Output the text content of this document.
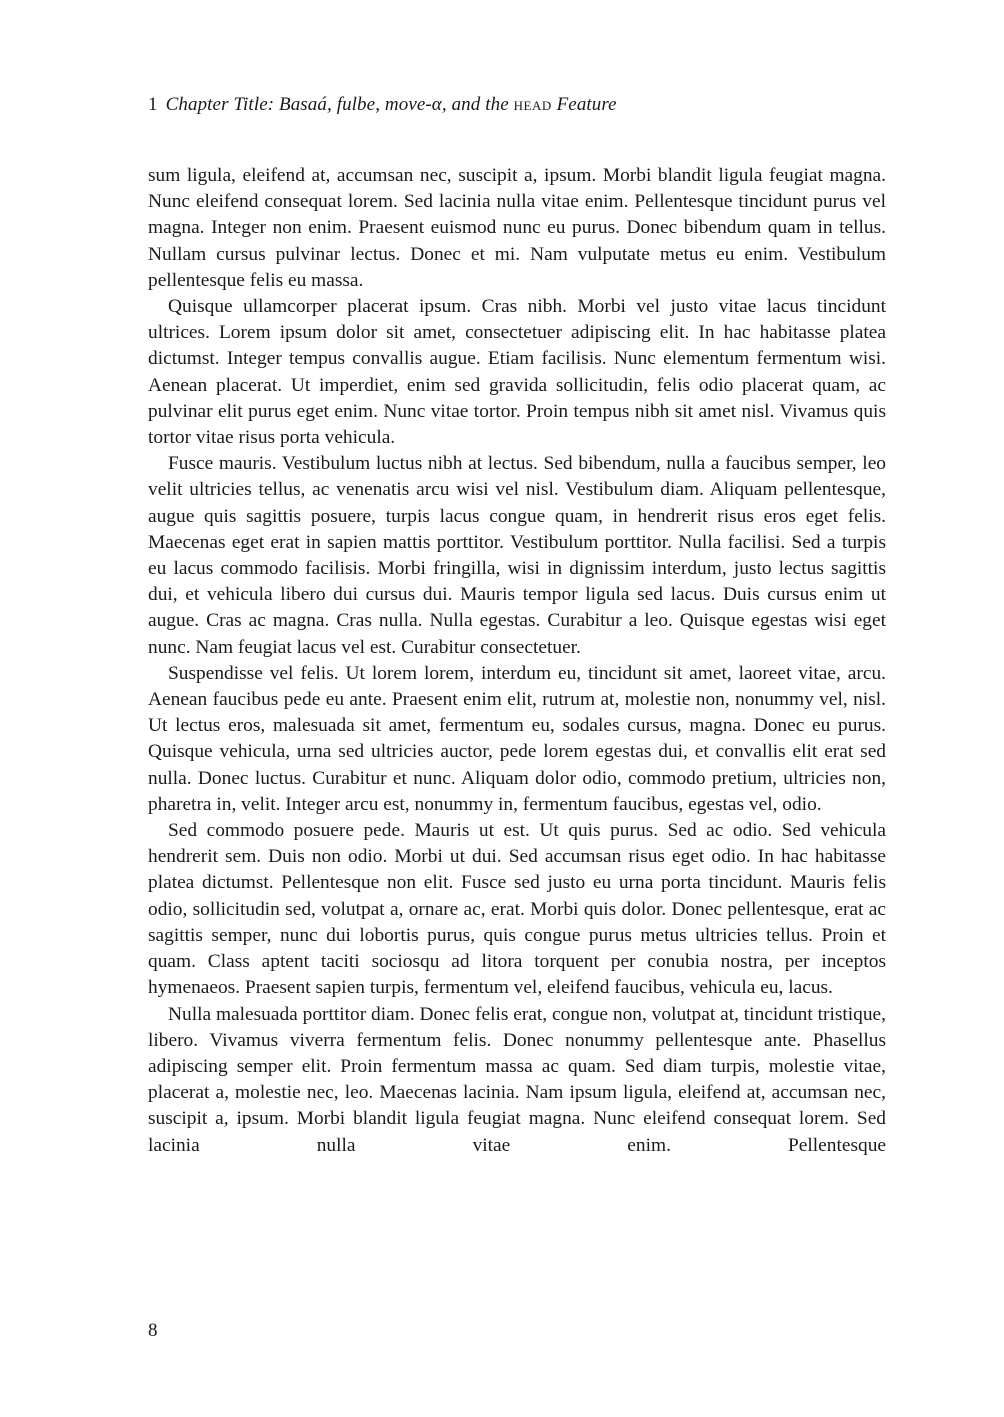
1 Chapter Title: Basaá, fulbe, move-α, and the head Feature

sum ligula, eleifend at, accumsan nec, suscipit a, ipsum. Morbi blandit ligula feugiat magna. Nunc eleifend consequat lorem. Sed lacinia nulla vitae enim. Pellentesque tincidunt purus vel magna. Integer non enim. Praesent euismod nunc eu purus. Donec bibendum quam in tellus. Nullam cursus pulvinar lectus. Donec et mi. Nam vulputate metus eu enim. Vestibulum pellentesque felis eu massa.

Quisque ullamcorper placerat ipsum. Cras nibh. Morbi vel justo vitae lacus tincidunt ultrices. Lorem ipsum dolor sit amet, consectetuer adipiscing elit. In hac habitasse platea dictumst. Integer tempus convallis augue. Etiam facilisis. Nunc elementum fermentum wisi. Aenean placerat. Ut imperdiet, enim sed gravida sollicitudin, felis odio placerat quam, ac pulvinar elit purus eget enim. Nunc vitae tortor. Proin tempus nibh sit amet nisl. Vivamus quis tortor vitae risus porta vehicula.

Fusce mauris. Vestibulum luctus nibh at lectus. Sed bibendum, nulla a faucibus semper, leo velit ultricies tellus, ac venenatis arcu wisi vel nisl. Vestibulum diam. Aliquam pellentesque, augue quis sagittis posuere, turpis lacus congue quam, in hendrerit risus eros eget felis. Maecenas eget erat in sapien mattis porttitor. Vestibulum porttitor. Nulla facilisi. Sed a turpis eu lacus commodo facilisis. Morbi fringilla, wisi in dignissim interdum, justo lectus sagittis dui, et vehicula libero dui cursus dui. Mauris tempor ligula sed lacus. Duis cursus enim ut augue. Cras ac magna. Cras nulla. Nulla egestas. Curabitur a leo. Quisque egestas wisi eget nunc. Nam feugiat lacus vel est. Curabitur consectetuer.

Suspendisse vel felis. Ut lorem lorem, interdum eu, tincidunt sit amet, laoreet vitae, arcu. Aenean faucibus pede eu ante. Praesent enim elit, rutrum at, molestie non, nonummy vel, nisl. Ut lectus eros, malesuada sit amet, fermentum eu, sodales cursus, magna. Donec eu purus. Quisque vehicula, urna sed ultricies auctor, pede lorem egestas dui, et convallis elit erat sed nulla. Donec luctus. Curabitur et nunc. Aliquam dolor odio, commodo pretium, ultricies non, pharetra in, velit. Integer arcu est, nonummy in, fermentum faucibus, egestas vel, odio.

Sed commodo posuere pede. Mauris ut est. Ut quis purus. Sed ac odio. Sed vehicula hendrerit sem. Duis non odio. Morbi ut dui. Sed accumsan risus eget odio. In hac habitasse platea dictumst. Pellentesque non elit. Fusce sed justo eu urna porta tincidunt. Mauris felis odio, sollicitudin sed, volutpat a, ornare ac, erat. Morbi quis dolor. Donec pellentesque, erat ac sagittis semper, nunc dui lobortis purus, quis congue purus metus ultricies tellus. Proin et quam. Class aptent taciti sociosqu ad litora torquent per conubia nostra, per inceptos hymenaeos. Praesent sapien turpis, fermentum vel, eleifend faucibus, vehicula eu, lacus.

Nulla malesuada porttitor diam. Donec felis erat, congue non, volutpat at, tincidunt tristique, libero. Vivamus viverra fermentum felis. Donec nonummy pellentesque ante. Phasellus adipiscing semper elit. Proin fermentum massa ac quam. Sed diam turpis, molestie vitae, placerat a, molestie nec, leo. Maecenas lacinia. Nam ipsum ligula, eleifend at, accumsan nec, suscipit a, ipsum. Morbi blandit ligula feugiat magna. Nunc eleifend consequat lorem. Sed lacinia nulla vitae enim. Pellentesque

8
